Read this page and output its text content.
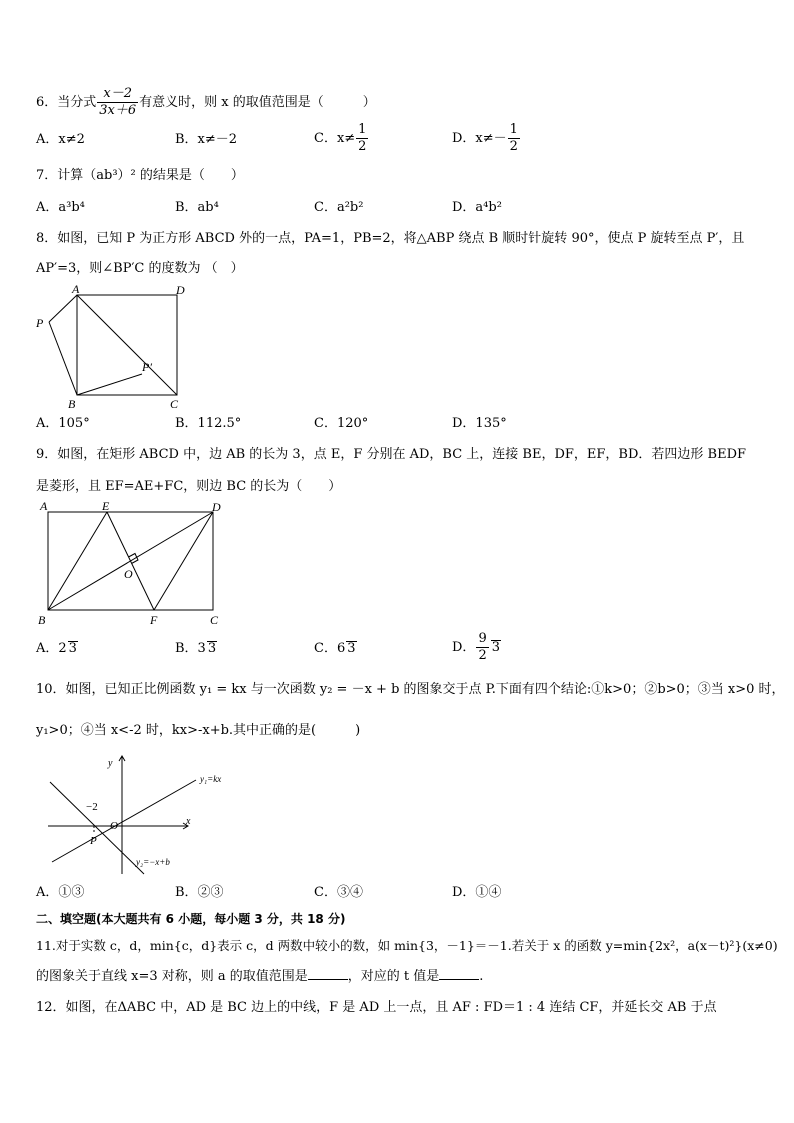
6．当分式 $\frac{x-2}{3x+6}$ 有意义时，则 x 的取值范围是（　　　）
A．x≠2	B．x≠－2	C．$x\ne \frac{1}{2}$	D．$x\ne- \frac{1}{2}$
7．计算（ab³）² 的结果是（　　）
A．a³b⁴	B．ab⁴	C．a²b²	D．a⁴b²
8．如图，已知 P 为正方形 ABCD 外的一点，PA=1，PB=2，将△ABP 绕点 B 顺时针旋转 90°，使点 P 旋转至点 P′，且
AP′=3，则∠BP′C 的度数为 （　）
A	D
P
P′
B	C
A．105°	B．112.5°	C．120°	D．135°
9．如图，在矩形 ABCD 中，边 AB 的长为 3，点 E，F 分别在 AD，BC 上，连接 BE，DF，EF，BD．若四边形 BEDF
是菱形，且 EF=AE+FC，则边 BC 的长为（　　）
A	E	D
O
B	F	C
A．2 3	B．3 3	C．6 3	D． $\frac{9}{2} 3$
10．如图，已知正比例函数 y₁ = kx 与一次函数 y₂ = －x + b 的图象交于点 P.下面有四个结论:①k>0；②b>0；③当 x>0 时，
y₁>0；④当 x<-2 时，kx>-x+b.其中正确的是(　　　)
y
x
y₁=kx
−2
O
P
y₂=−x+b
A．①③	B．②③	C．③④	D．①④
二、填空题(本大题共有 6 小题，每小题 3 分，共 18 分)
11.对于实数 c，d，min{c，d}表示 c，d 两数中较小的数，如 min{3，－1}＝－1.若关于 x 的函数 y=min{2x²，a(x－t)²}(x≠0)
的图象关于直线 x=3 对称，则 a 的取值范围是	，对应的 t 值是	.
12．如图，在ΔABC 中，AD 是 BC 边上的中线，F 是 AD 上一点，且 AF : FD＝1 : 4 连结 CF，并延长交 AB 于点
